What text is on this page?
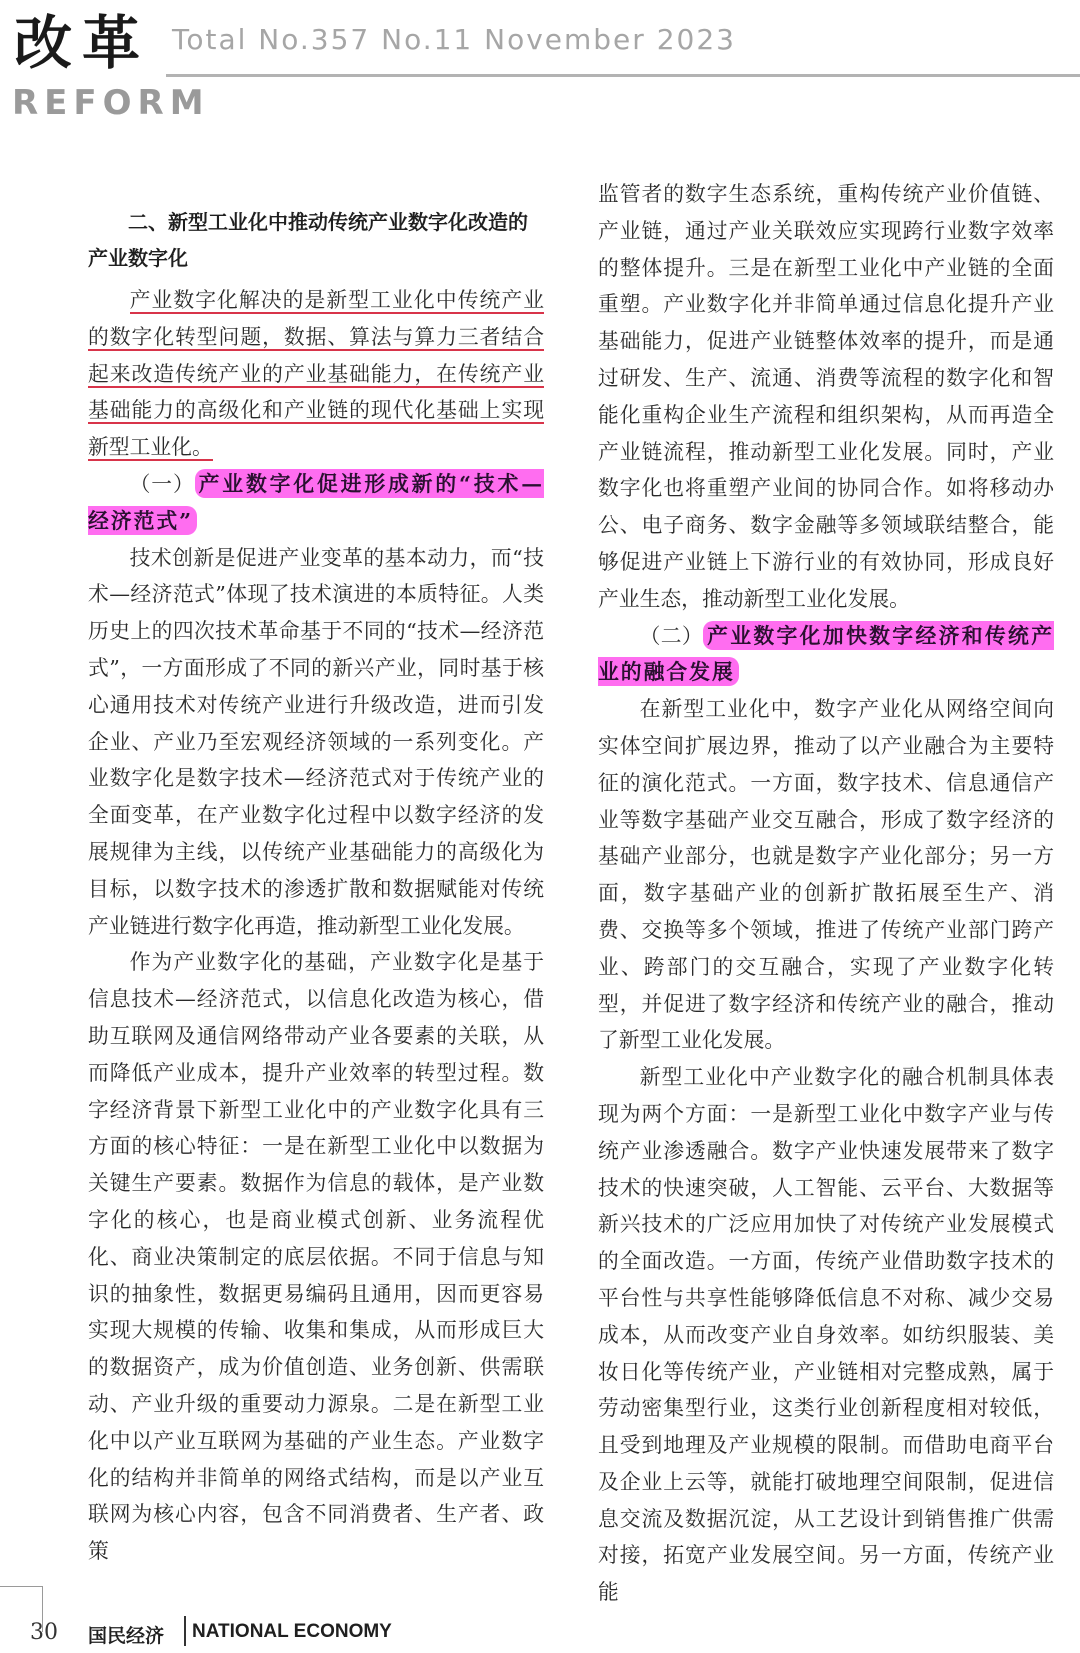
改革
REFORM
Total No.357 No.11 November 2023
二、新型工业化中推动传统产业数字化改造的产业数字化

产业数字化解决的是新型工业化中传统产业的数字化转型问题，数据、算法与算力三者结合起来改造传统产业的产业基础能力，在传统产业基础能力的高级化和产业链的现代化基础上实现新型工业化。

（一） 产业数字化促进形成新的“技术—经济范式”

技术创新是促进产业变革的基本动力，而“技术—经济范式”体现了技术演进的本质特征。人类历史上的四次技术革命基于不同的“技术—经济范式”，一方面形成了不同的新兴产业，同时基于核心通用技术对传统产业进行升级改造，进而引发企业、产业乃至宏观经济领域的一系列变化。产业数字化是数字技术—经济范式对于传统产业的全面变革，在产业数字化过程中以数字经济的发展规律为主线，以传统产业基础能力的高级化为目标，以数字技术的渗透扩散和数据赋能对传统产业链进行数字化再造，推动新型工业化发展。

作为产业数字化的基础，产业数字化是基于信息技术—经济范式，以信息化改造为核心，借助互联网及通信网络带动产业各要素的关联，从而降低产业成本，提升产业效率的转型过程。数字经济背景下新型工业化中的产业数字化具有三方面的核心特征：一是在新型工业化中以数据为关键生产要素。数据作为信息的载体，是产业数字化的核心，也是商业模式创新、业务流程优化、商业决策制定的底层依据。不同于信息与知识的抽象性，数据更易编码且通用，因而更容易实现大规模的传输、收集和集成，从而形成巨大的数据资产，成为价值创造、业务创新、供需联动、产业升级的重要动力源泉。二是在新型工业化中以产业互联网为基础的产业生态。产业数字化的结构并非简单的网络式结构，而是以产业互联网为核心内容，包含不同消费者、生产者、政策

监管者的数字生态系统，重构传统产业价值链、产业链，通过产业关联效应实现跨行业数字效率的整体提升。三是在新型工业化中产业链的全面重塑。产业数字化并非简单通过信息化提升产业基础能力，促进产业链整体效率的提升，而是通过研发、生产、流通、消费等流程的数字化和智能化重构企业生产流程和组织架构，从而再造全产业链流程，推动新型工业化发展。同时，产业数字化也将重塑产业间的协同合作。如将移动办公、电子商务、数字金融等多领域联结整合，能够促进产业链上下游行业的有效协同，形成良好产业生态，推动新型工业化发展。

（二） 产业数字化加快数字经济和传统产业的融合发展

在新型工业化中，数字产业化从网络空间向实体空间扩展边界，推动了以产业融合为主要特征的演化范式。一方面，数字技术、信息通信产业等数字基础产业交互融合，形成了数字经济的基础产业部分，也就是数字产业化部分；另一方面，数字基础产业的创新扩散拓展至生产、消费、交换等多个领域，推进了传统产业部门跨产业、跨部门的交互融合，实现了产业数字化转型，并促进了数字经济和传统产业的融合，推动了新型工业化发展。

新型工业化中产业数字化的融合机制具体表现为两个方面：一是新型工业化中数字产业与传统产业渗透融合。数字产业快速发展带来了数字技术的快速突破，人工智能、云平台、大数据等新兴技术的广泛应用加快了对传统产业发展模式的全面改造。一方面，传统产业借助数字技术的平台性与共享性能够降低信息不对称、减少交易成本，从而改变产业自身效率。如纺织服装、美妆日化等传统产业，产业链相对完整成熟，属于劳动密集型行业，这类行业创新程度相对较低，且受到地理及产业规模的限制。而借助电商平台及企业上云等，就能打破地理空间限制，促进信息交流及数据沉淀，从工艺设计到销售推广供需对接，拓宽产业发展空间。另一方面，传统产业能

30 国民经济 NATIONAL ECONOMY
